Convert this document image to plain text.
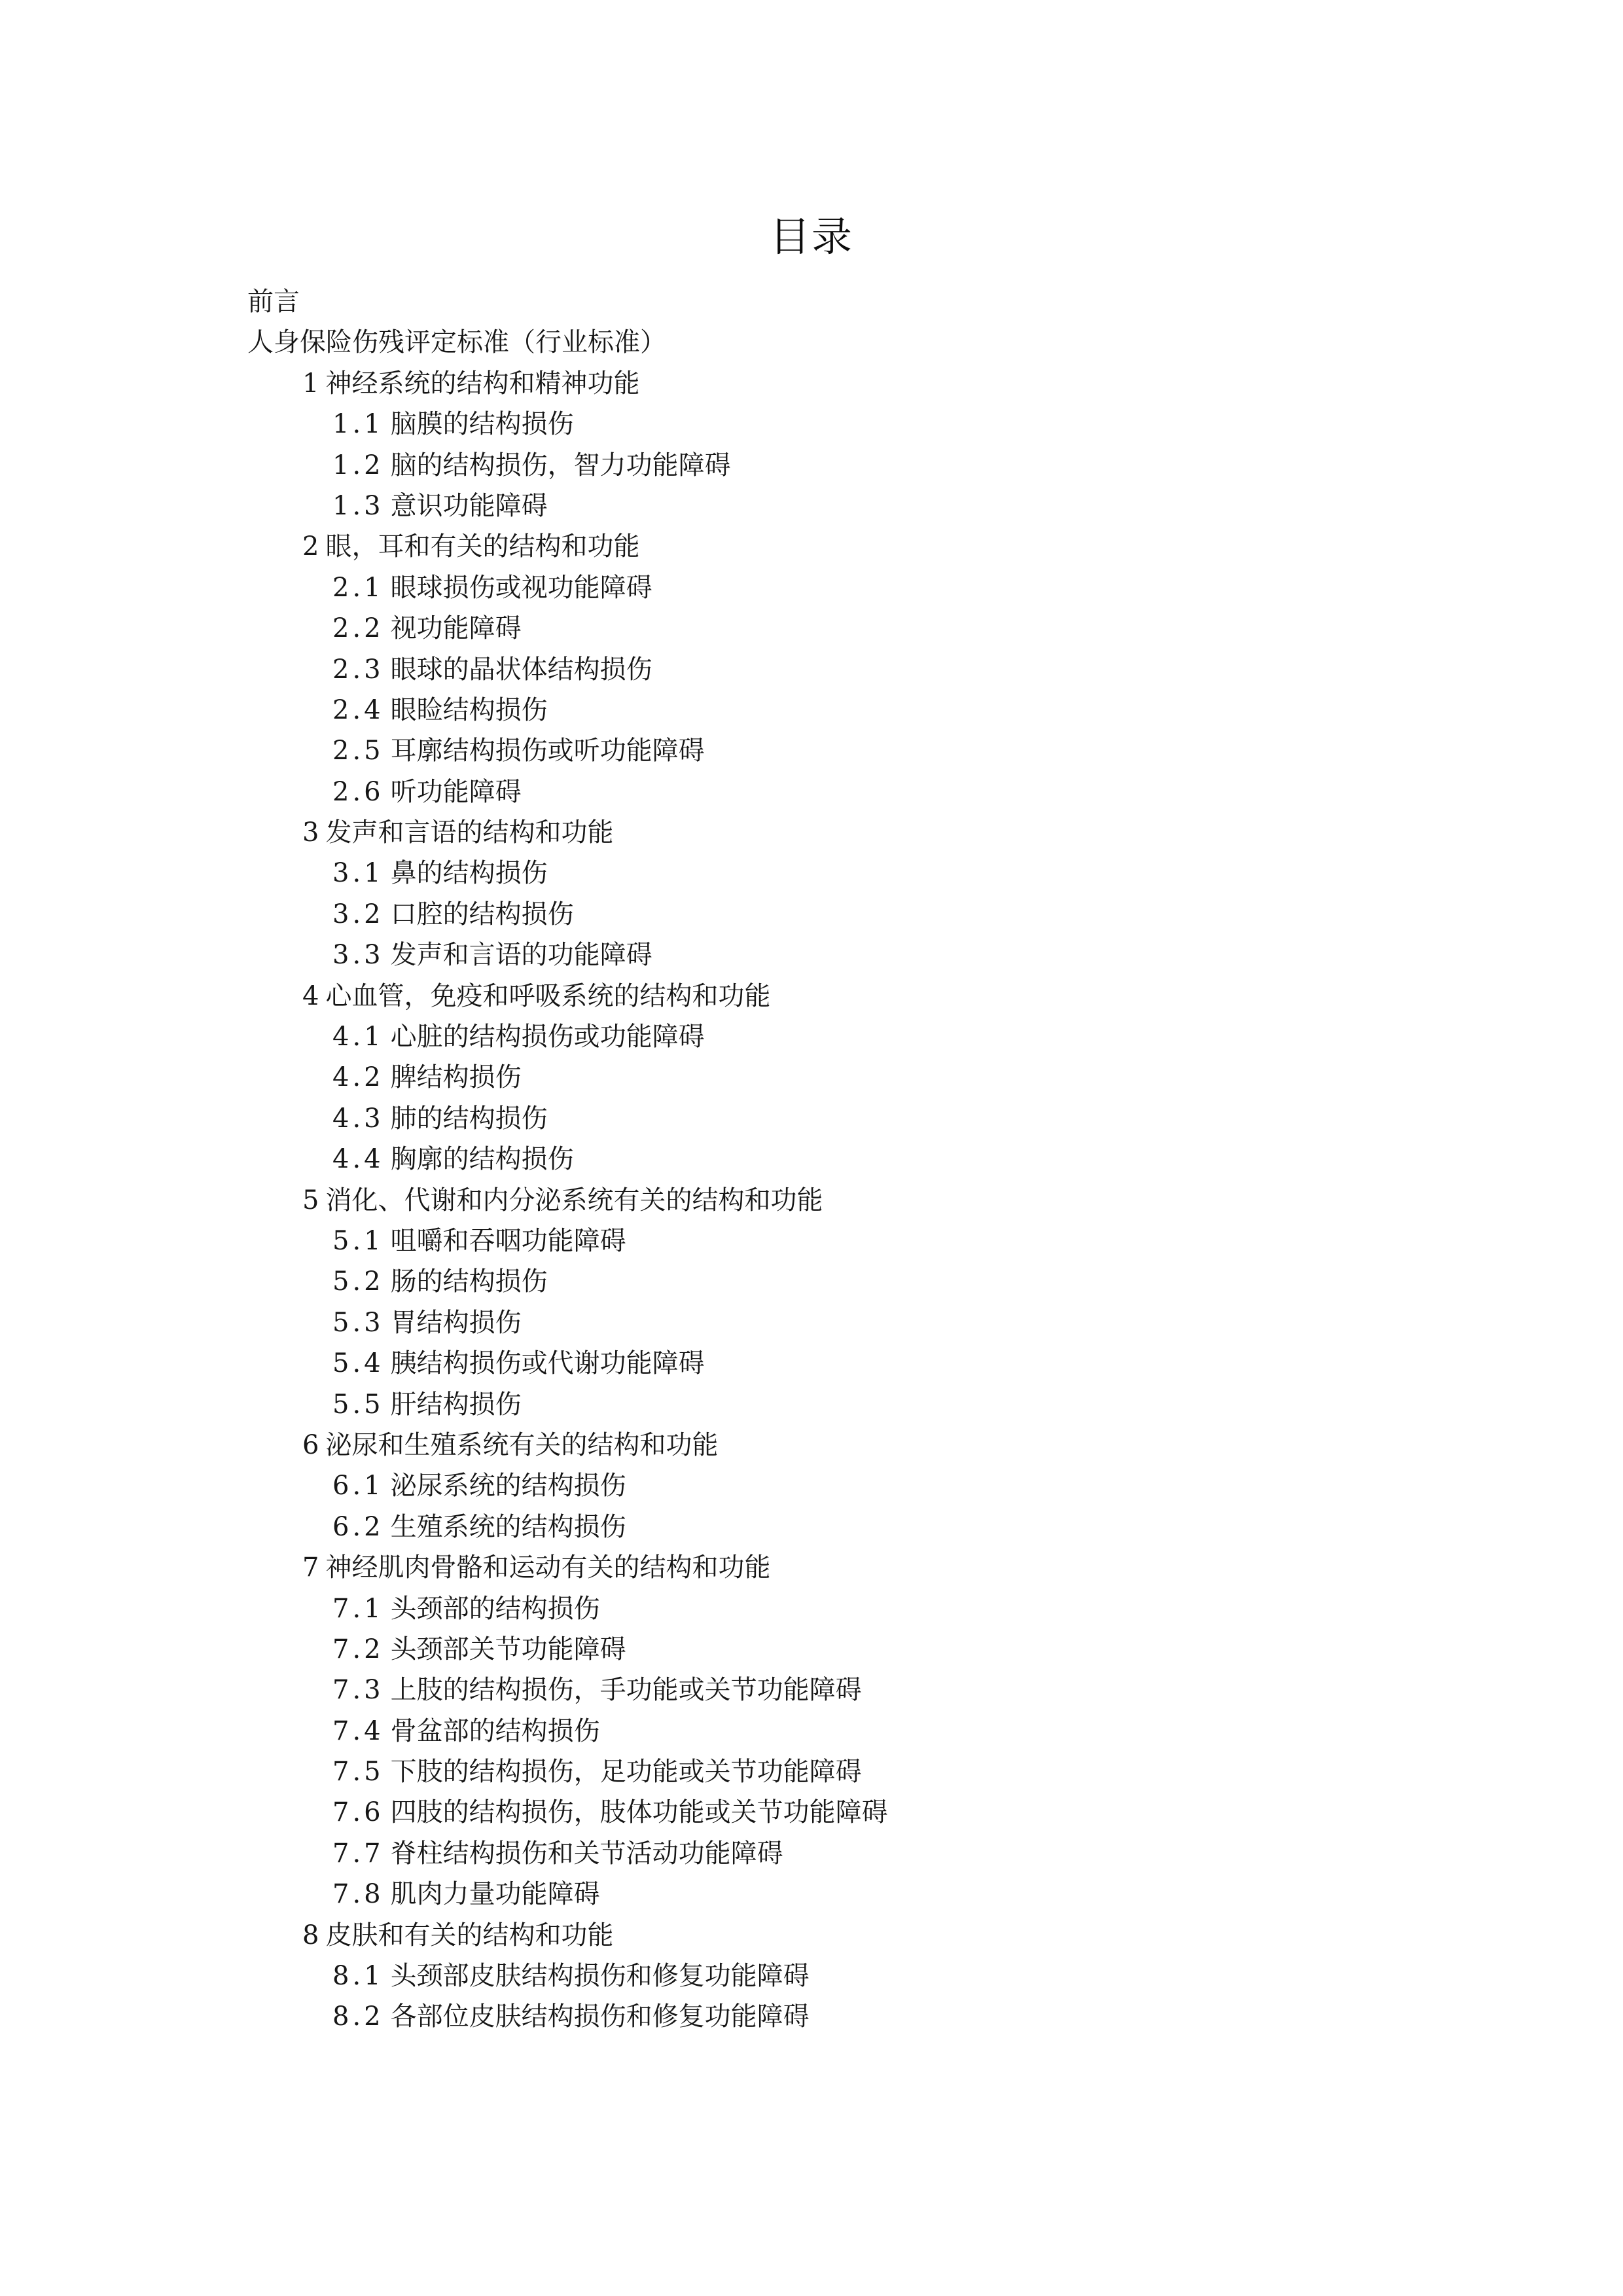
目录
前言
人身保险伤残评定标准（行业标准）
1 神经系统的结构和精神功能
1.1 脑膜的结构损伤
1.2 脑的结构损伤，智力功能障碍
1.3 意识功能障碍
2 眼，耳和有关的结构和功能
2.1 眼球损伤或视功能障碍
2.2 视功能障碍
2.3 眼球的晶状体结构损伤
2.4 眼睑结构损伤
2.5 耳廓结构损伤或听功能障碍
2.6 听功能障碍
3 发声和言语的结构和功能
3.1 鼻的结构损伤
3.2 口腔的结构损伤
3.3 发声和言语的功能障碍
4 心血管，免疫和呼吸系统的结构和功能
4.1 心脏的结构损伤或功能障碍
4.2 脾结构损伤
4.3 肺的结构损伤
4.4 胸廓的结构损伤
5 消化、代谢和内分泌系统有关的结构和功能
5.1 咀嚼和吞咽功能障碍
5.2 肠的结构损伤
5.3 胃结构损伤
5.4 胰结构损伤或代谢功能障碍
5.5 肝结构损伤
6 泌尿和生殖系统有关的结构和功能
6.1 泌尿系统的结构损伤
6.2 生殖系统的结构损伤
7 神经肌肉骨骼和运动有关的结构和功能
7.1 头颈部的结构损伤
7.2 头颈部关节功能障碍
7.3 上肢的结构损伤，手功能或关节功能障碍
7.4 骨盆部的结构损伤
7.5 下肢的结构损伤，足功能或关节功能障碍
7.6 四肢的结构损伤，肢体功能或关节功能障碍
7.7 脊柱结构损伤和关节活动功能障碍
7.8 肌肉力量功能障碍
8 皮肤和有关的结构和功能
8.1 头颈部皮肤结构损伤和修复功能障碍
8.2 各部位皮肤结构损伤和修复功能障碍
